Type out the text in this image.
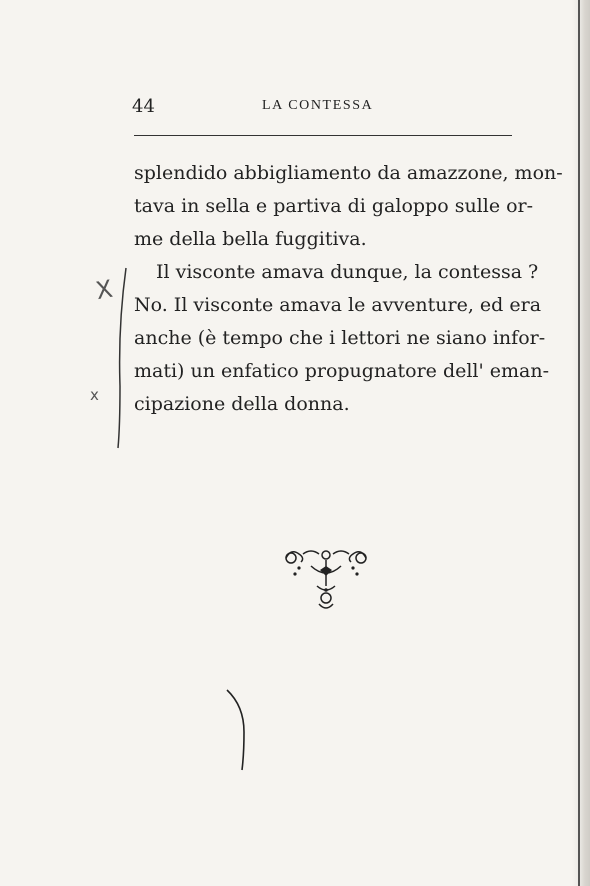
44	LA CONTESSA
splendido abbigliamento da amazzone, mon-
tava in sella e partiva di galoppo sulle or-
me della bella fuggitiva.
Il visconte amava dunque, la contessa ?
No. Il visconte amava le avventure, ed era
anche (è tempo che i lettori ne siano infor-
mati) un enfatico propugnatore dell' eman-
cipazione della donna.
X
x
